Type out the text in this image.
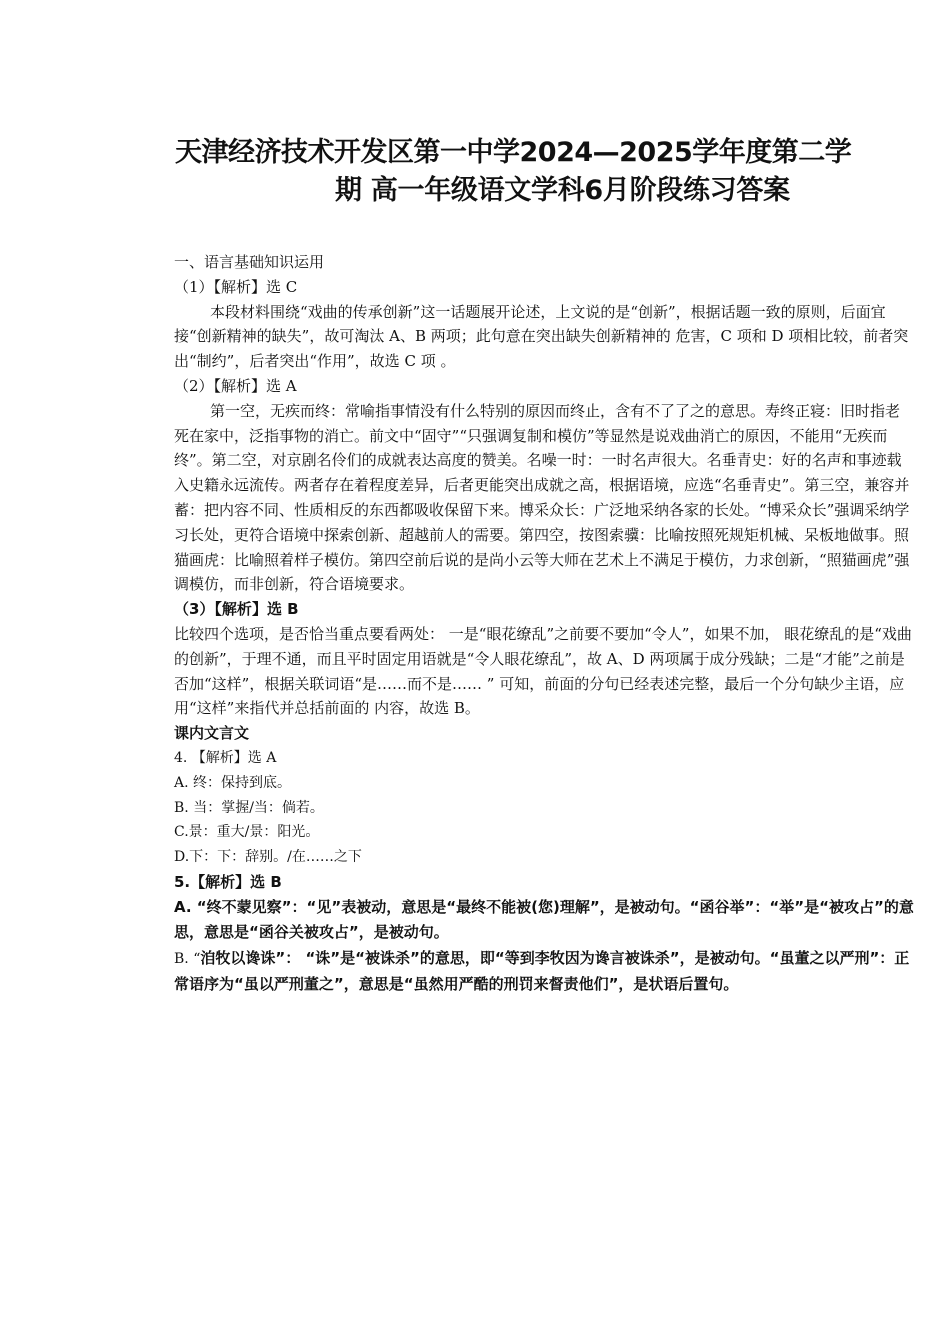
天津经济技术开发区第一中学2024—2025学年度第二学
期 高一年级语文学科6月阶段练习答案

一、语言基础知识运用

（1）【解析】选 C

本段材料围绕“戏曲的传承创新”这一话题展开论述，上文说的是“创新”，根据话题一致的原则，后面宜接“创新精神的缺失”，故可淘汰 A、B 两项；此句意在突出缺失创新精神的 危害，C 项和 D 项相比较，前者突出“制约”，后者突出“作用”，故选 C 项 。

（2）【解析】选 A

第一空，无疾而终：常喻指事情没有什么特别的原因而终止，含有不了了之的意思。寿终正寝：旧时指老死在家中，泛指事物的消亡。前文中“固守”“只强调复制和模仿”等显然是说戏曲消亡的原因，不能用“无疾而终”。第二空，对京剧名伶们的成就表达高度的赞美。名噪一时：一时名声很大。名垂青史：好的名声和事迹载入史籍永远流传。两者存在着程度差异，后者更能突出成就之高，根据语境，应选“名垂青史”。第三空，兼容并蓄：把内容不同、性质相反的东西都吸收保留下来。博采众长：广泛地采纳各家的长处。“博采众长”强调采纳学习长处，更符合语境中探索创新、超越前人的需要。第四空，按图索骥：比喻按照死规矩机械、呆板地做事。照猫画虎：比喻照着样子模仿。第四空前后说的是尚小云等大师在艺术上不满足于模仿，力求创新，“照猫画虎”强调模仿，而非创新，符合语境要求。

（3）【解析】选 B

比较四个选项，是否恰当重点要看两处： 一是“眼花缭乱”之前要不要加“令人”，如果不加， 眼花缭乱的是“戏曲的创新”，于理不通，而且平时固定用语就是“令人眼花缭乱”，故 A、D 两项属于成分残缺；二是“才能”之前是否加“这样”，根据关联词语“是……而不是…… ” 可知，前面的分句已经表述完整，最后一个分句缺少主语，应用“这样”来指代并总括前面的 内容，故选 B。

课内文言文

4. 【解析】选 A

A. 终：保持到底。

B. 当：掌握/当：倘若。

C.景：重大/景：阳光。

D.下：下：辞别。/在……之下

5.【解析】选 B

A. “终不蒙见察”：“见”表被动，意思是“最终不能被(您)理解”，是被动句。“函谷举”：“举”是“被攻占”的意思，意思是“函谷关被攻占”，是被动句。

B. “洎牧以谗诛”： “诛”是“被诛杀”的意思，即“等到李牧因为谗言被诛杀”，是被动句。“虽董之以严刑”：正常语序为“虽以严刑董之”，意思是“虽然用严酷的刑罚来督责他们”，是状语后置句。
